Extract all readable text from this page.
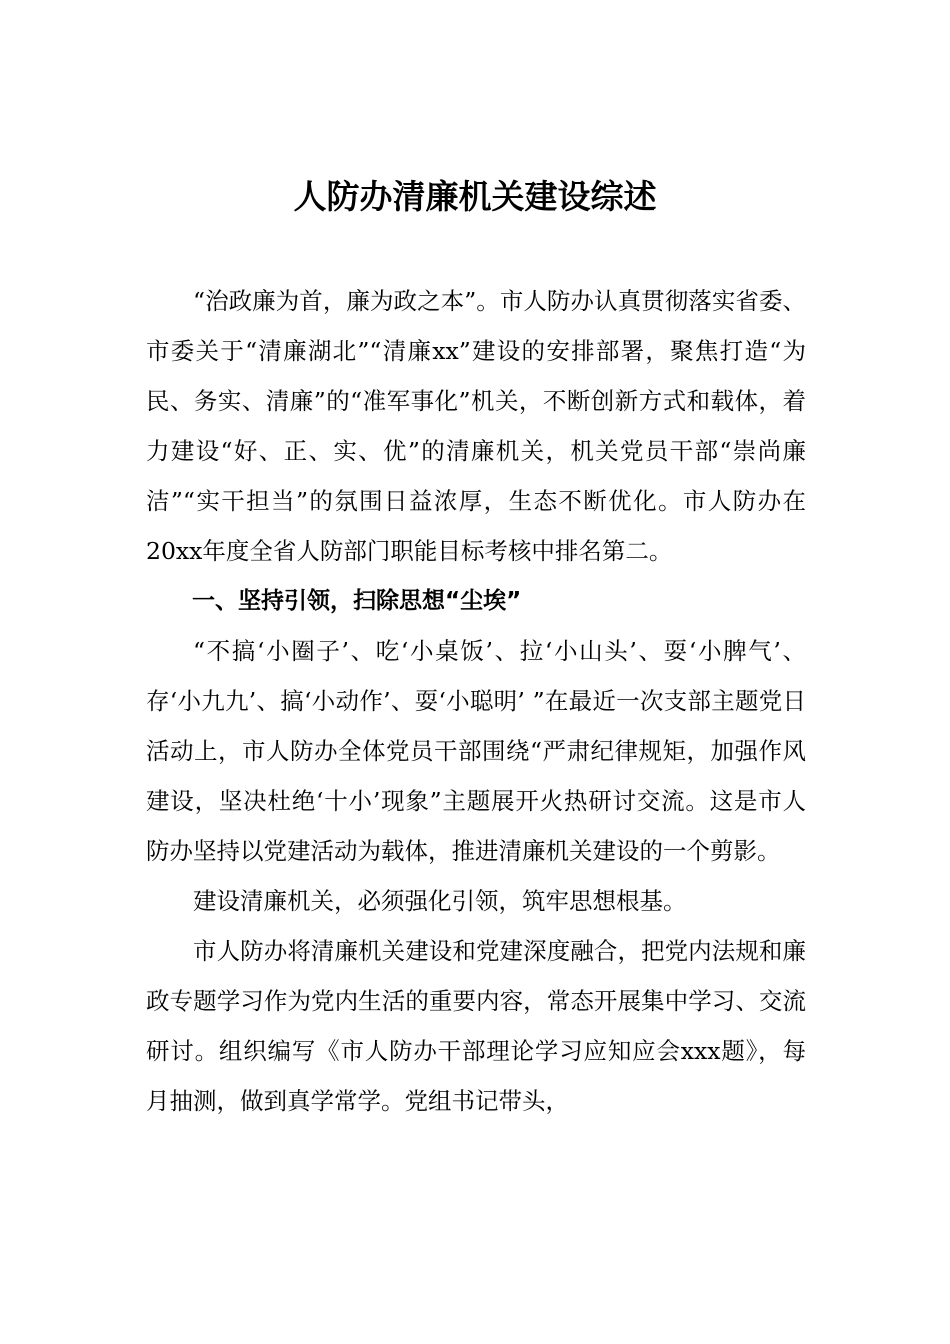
人防办清廉机关建设综述

“治政廉为首，廉为政之本”。市人防办认真贯彻落实省委、市委关于“清廉湖北”“清廉xx”建设的安排部署，聚焦打造“为民、务实、清廉”的“准军事化”机关，不断创新方式和载体，着力建设“好、正、实、优”的清廉机关，机关党员干部“崇尚廉洁”“实干担当”的氛围日益浓厚，生态不断优化。市人防办在20xx年度全省人防部门职能目标考核中排名第二。

一、坚持引领，扫除思想“尘埃”

“不搞‘小圈子’、吃‘小桌饭’、拉‘小山头’、耍‘小脾气’、存‘小九九’、搞‘小动作’、耍‘小聪明’ ”在最近一次支部主题党日活动上，市人防办全体党员干部围绕“严肃纪律规矩，加强作风建设，坚决杜绝‘十小’现象”主题展开火热研讨交流。这是市人防办坚持以党建活动为载体，推进清廉机关建设的一个剪影。

建设清廉机关，必须强化引领，筑牢思想根基。

市人防办将清廉机关建设和党建深度融合，把党内法规和廉政专题学习作为党内生活的重要内容，常态开展集中学习、交流研讨。组织编写《市人防办干部理论学习应知应会xxx题》，每月抽测，做到真学常学。党组书记带头，
